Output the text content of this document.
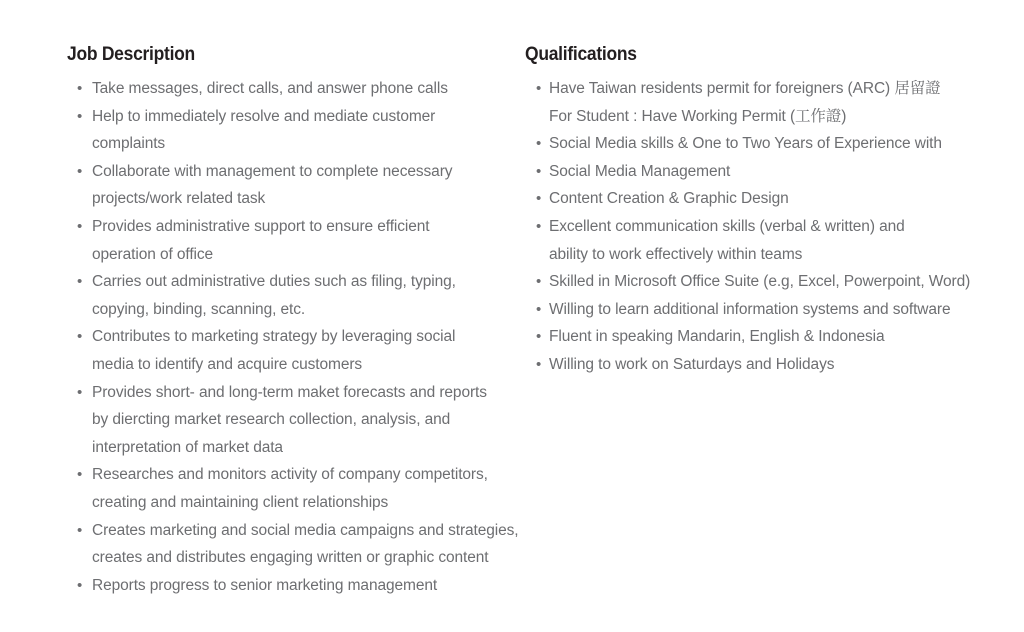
Job Description
• Take messages, direct calls, and answer phone calls
• Help to immediately resolve and mediate customer
complaints
• Collaborate with management to complete necessary
projects/work related task
• Provides administrative support to ensure efficient
operation of office
• Carries out administrative duties such as filing, typing,
copying, binding, scanning, etc.
• Contributes to marketing strategy by leveraging social
media to identify and acquire customers
• Provides short- and long-term maket forecasts and reports
by diercting market research collection, analysis, and
interpretation of market data
• Researches and monitors activity of company competitors,
creating and maintaining client relationships
• Creates marketing and social media campaigns and strategies,
creates and distributes engaging written or graphic content
• Reports progress to senior marketing management
Qualifications
• Have Taiwan residents permit for foreigners (ARC) 居留證
For Student : Have Working Permit (工作證)
• Social Media skills & One to Two Years of Experience with
• Social Media Management
• Content Creation & Graphic Design
• Excellent communication skills (verbal & written) and
ability to work effectively within teams
• Skilled in Microsoft Office Suite (e.g, Excel, Powerpoint, Word)
• Willing to learn additional information systems and software
• Fluent in speaking Mandarin, English & Indonesia
• Willing to work on Saturdays and Holidays
